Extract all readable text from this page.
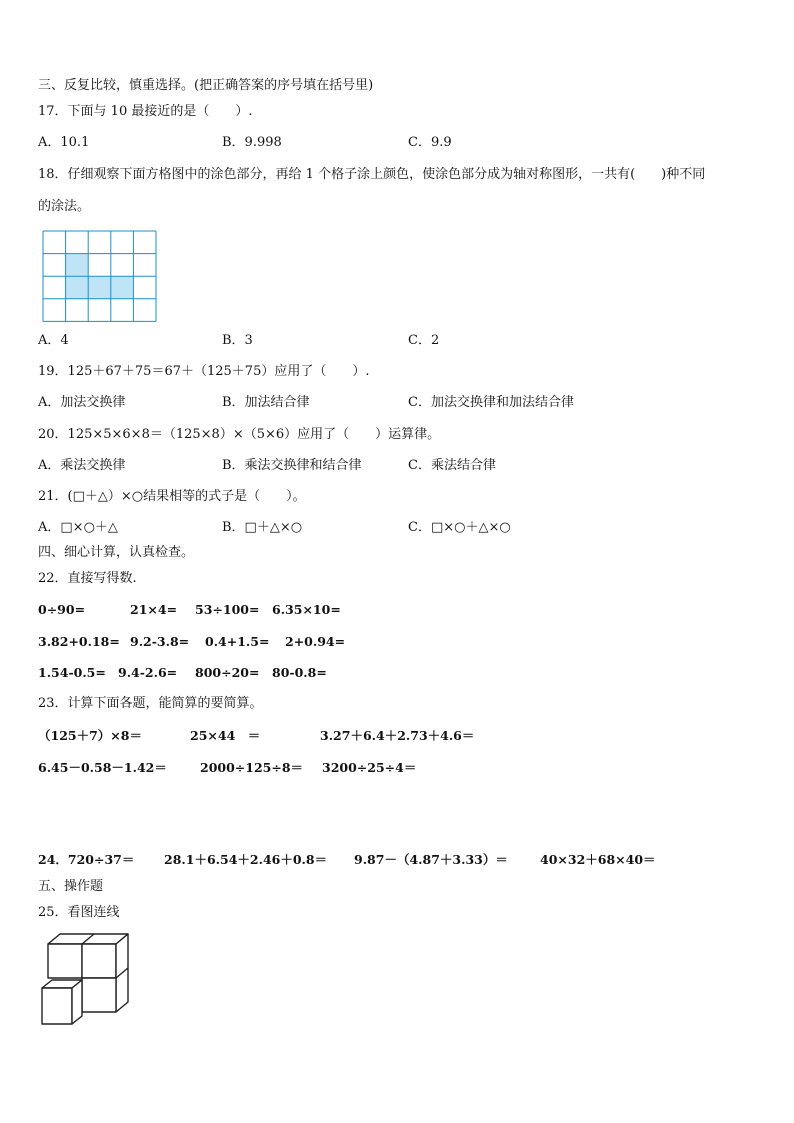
三、反复比较，慎重选择。(把正确答案的序号填在括号里)
17．下面与 10 最接近的是（　　）.
A．10.1	B．9.998	C．9.9
18．仔细观察下面方格图中的涂色部分，再给 1 个格子涂上颜色，使涂色部分成为轴对称图形，一共有(　　)种不同
的涂法。
A．4	B．3	C．2
19．125＋67＋75＝67＋（125＋75）应用了（　　）.
A．加法交换律	B．加法结合律	C．加法交换律和加法结合律
20．125×5×6×8＝（125×8）×（5×6）应用了（　　）运算律。
A．乘法交换律	B．乘法交换律和结合律	C．乘法结合律
21．(□＋△）×○结果相等的式子是（　　）。
A．□×○＋△	B．□＋△×○	C．□×○＋△×○
四、细心计算，认真检查。
22．直接写得数.
0÷90=	21×4= 53÷100= 6.35×10=
3.82+0.18= 9.2-3.8= 0.4+1.5= 2+0.94=
1.54-0.5= 9.4-2.6= 800÷20= 80-0.8=
23．计算下面各题，能简算的要简算。
（125＋7）×8＝	25×44　＝	3.27＋6.4＋2.73＋4.6＝
6.45－0.58－1.42＝	2000÷125÷8＝ 3200÷25÷4＝
24．720÷37＝ 28.1＋6.54＋2.46＋0.8＝ 9.87－（4.87＋3.33）＝	40×32＋68×40＝
五、操作题
25．看图连线
